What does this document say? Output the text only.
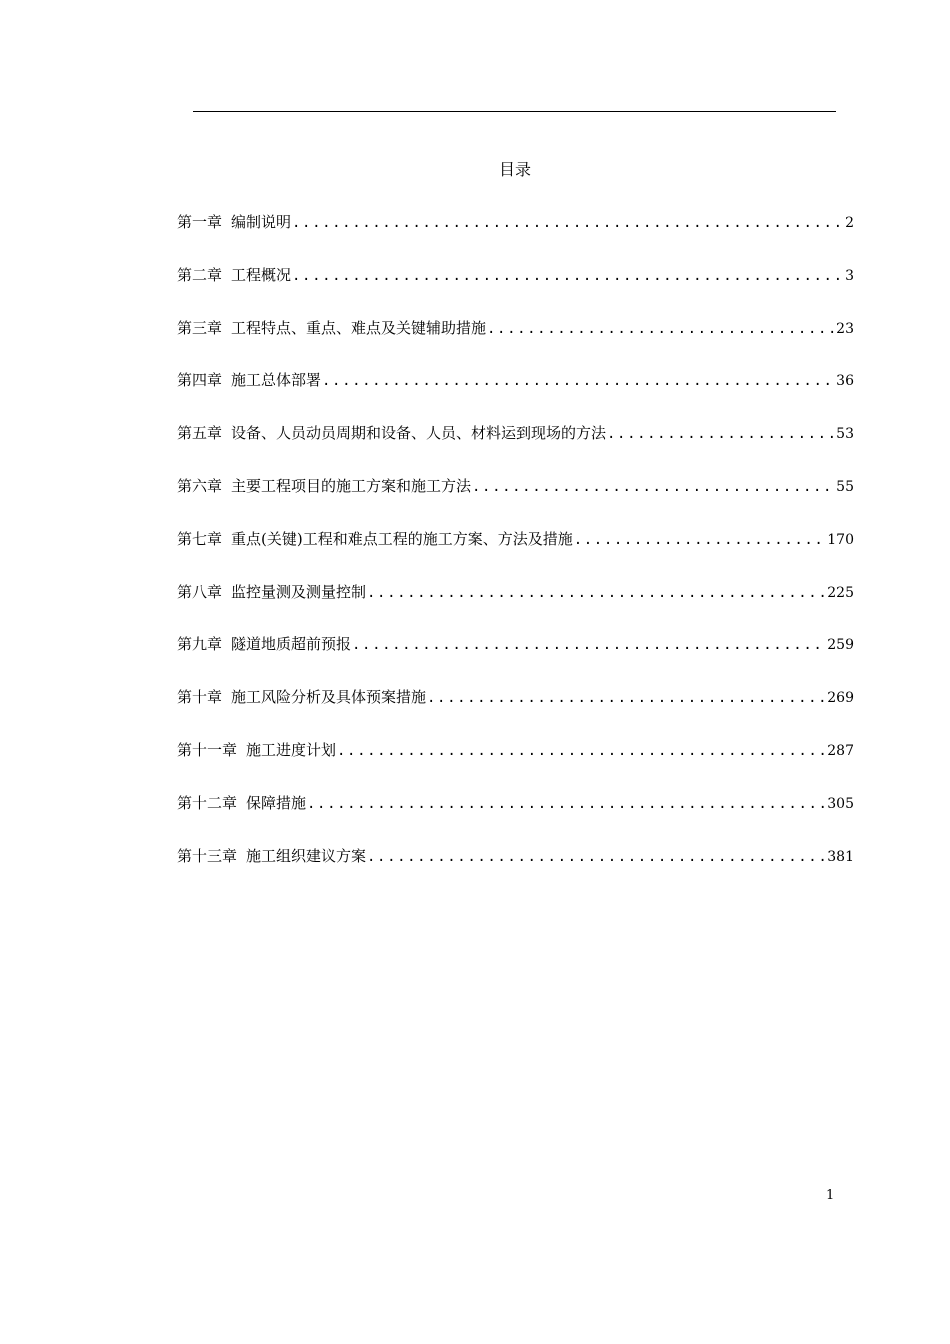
目录
第一章 编制说明 .....	2
第二章 工程概况 .....	3
第三章 工程特点、重点、难点及关键辅助措施 .....	23
第四章 施工总体部署 .....	36
第五章 设备、人员动员周期和设备、人员、材料运到现场的方法 .....	53
第六章 主要工程项目的施工方案和施工方法 .....	55
第七章 重点(关键)工程和难点工程的施工方案、方法及措施 .....	170
第八章 监控量测及测量控制 .....	225
第九章 隧道地质超前预报 .....	259
第十章 施工风险分析及具体预案措施 .....	269
第十一章 施工进度计划 .....	287
第十二章 保障措施 .....	305
第十三章 施工组织建议方案 .....	381
1
